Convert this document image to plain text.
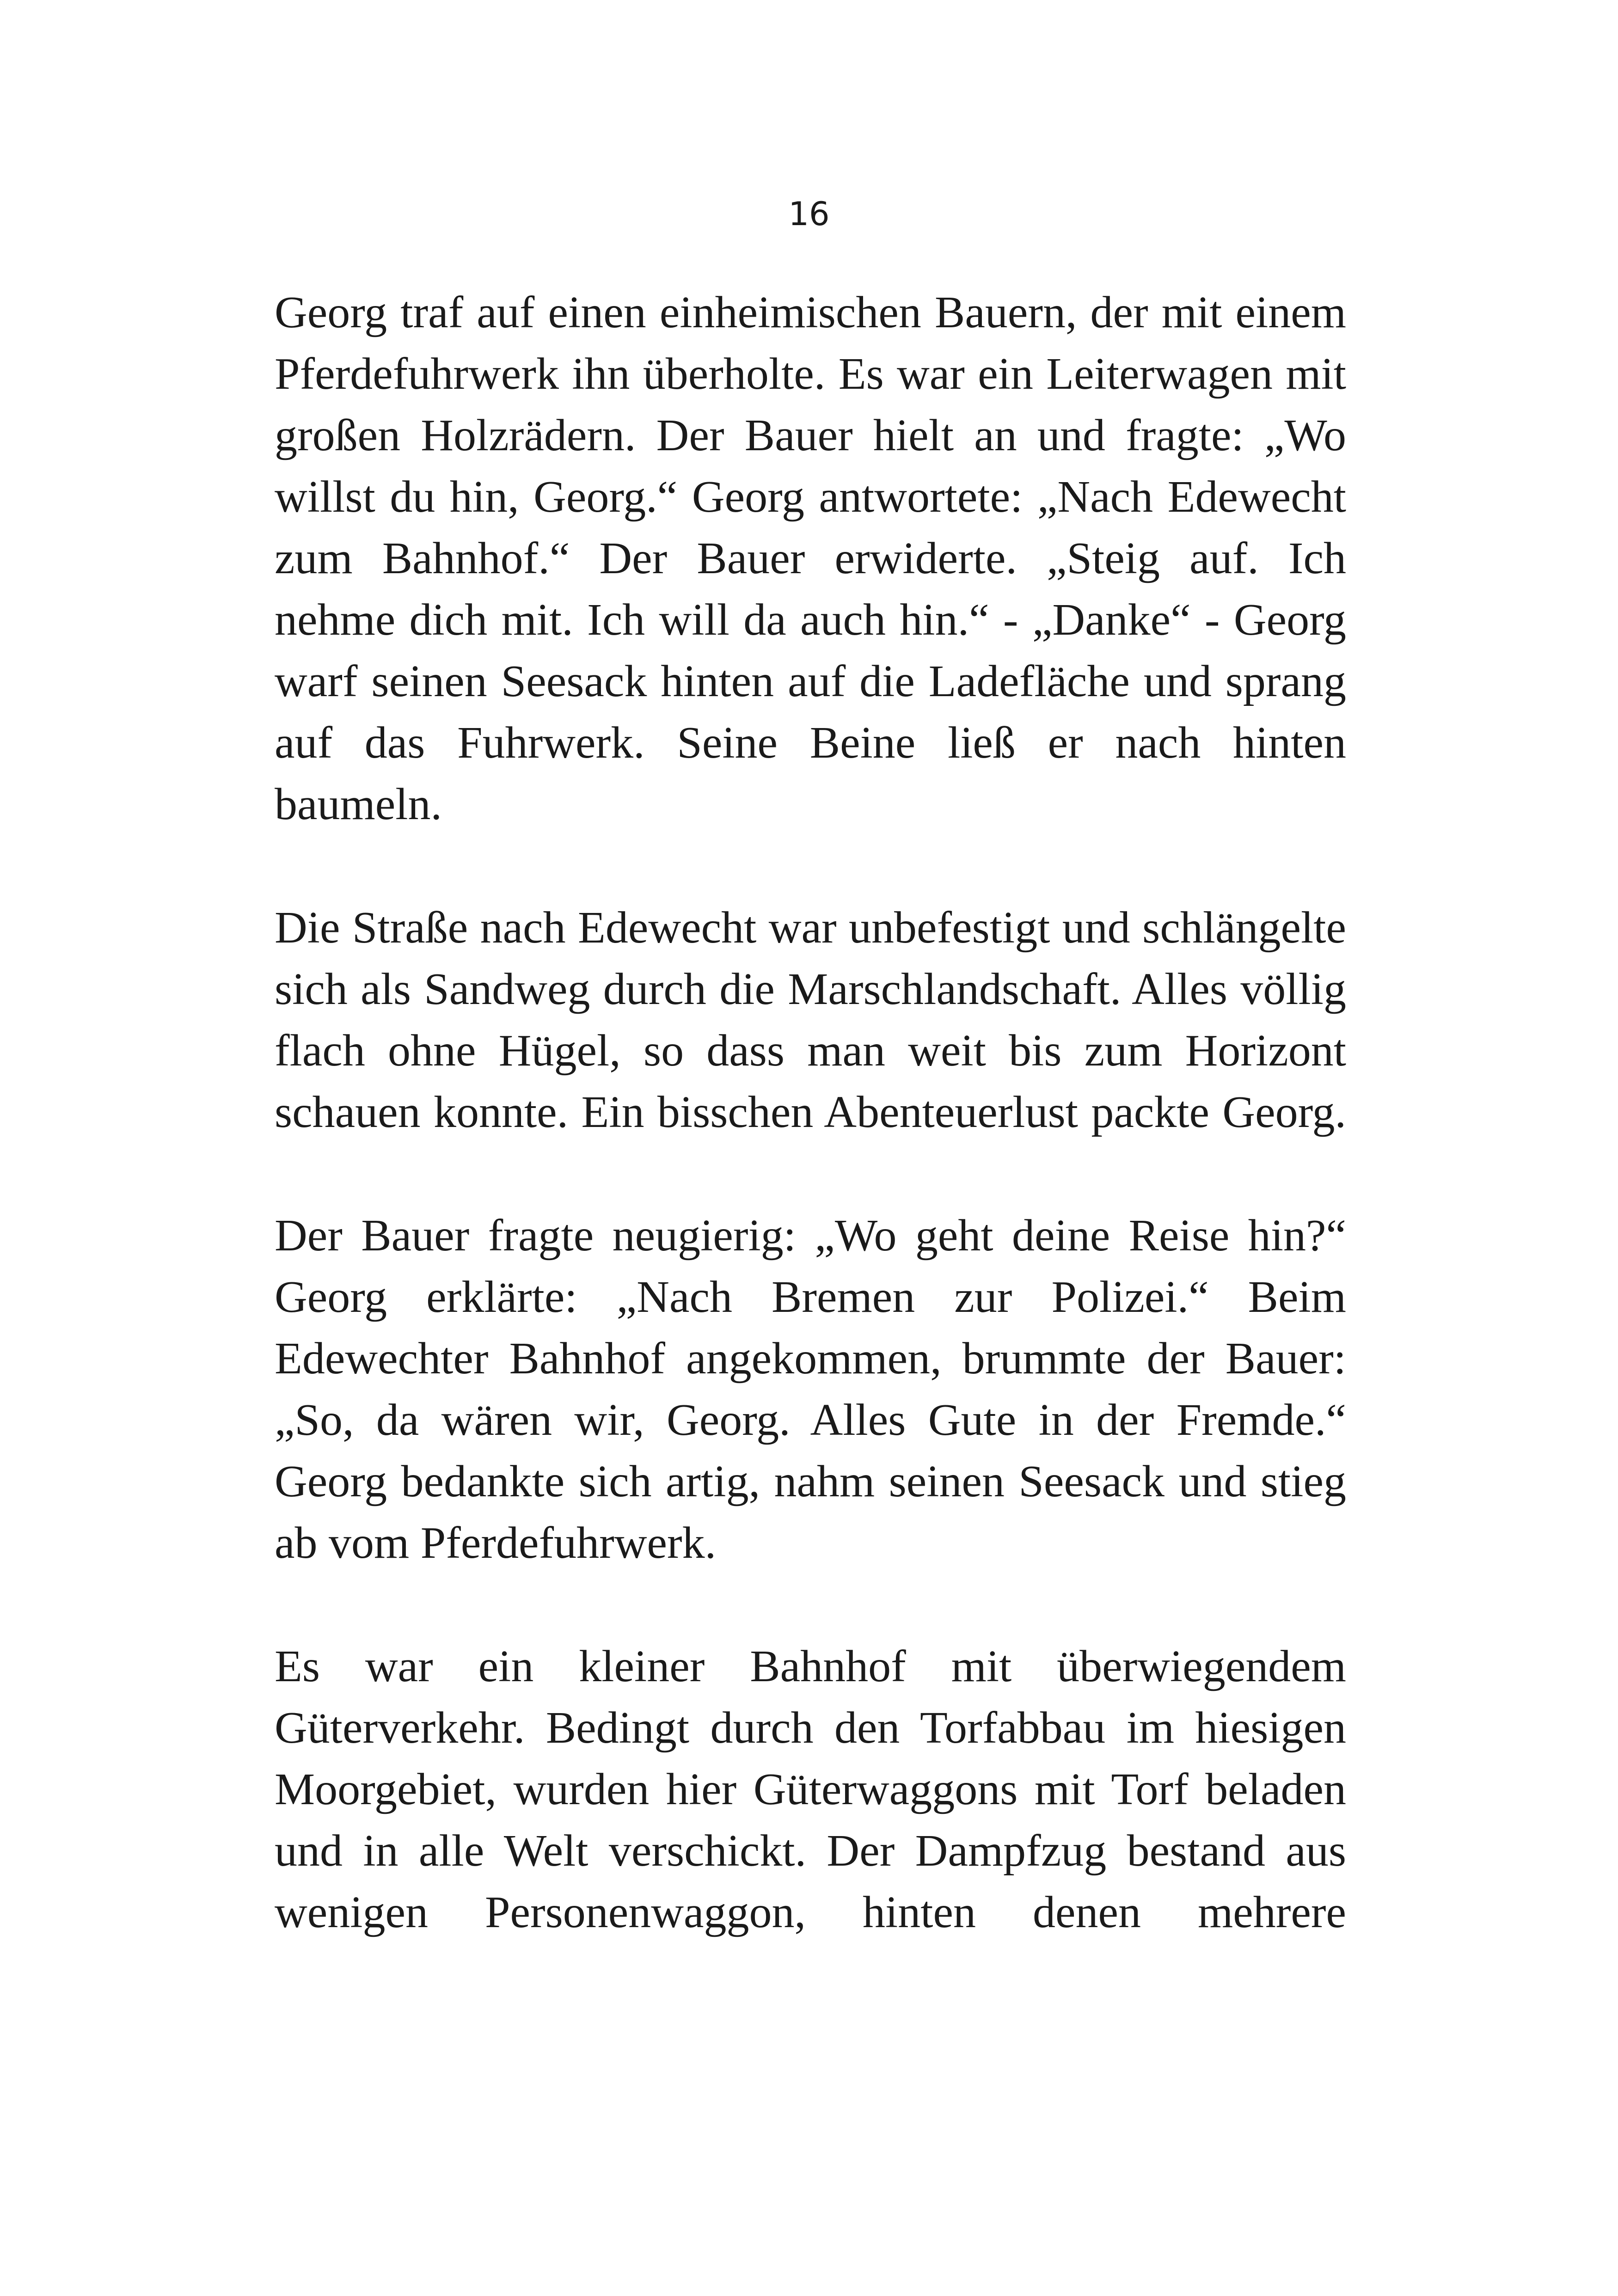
16

Georg traf auf einen einheimischen Bauern, der mit einem
Pferdefuhrwerk ihn überholte. Es war ein Leiterwagen mit
großen Holzrädern. Der Bauer hielt an und fragte: „Wo
willst du hin, Georg.“ Georg antwortete: „Nach Edewecht
zum Bahnhof.“ Der Bauer erwiderte. „Steig auf. Ich
nehme dich mit. Ich will da auch hin.“ - „Danke“ - Georg
warf seinen Seesack hinten auf die Ladefläche und sprang
auf das Fuhrwerk. Seine Beine ließ er nach hinten
baumeln.

Die Straße nach Edewecht war unbefestigt und schlängelte
sich als Sandweg durch die Marschlandschaft. Alles völlig
flach ohne Hügel, so dass man weit bis zum Horizont
schauen konnte. Ein bisschen Abenteuerlust packte Georg.

Der Bauer fragte neugierig: „Wo geht deine Reise hin?“
Georg erklärte: „Nach Bremen zur Polizei.“ Beim
Edewechter Bahnhof angekommen, brummte der Bauer:
„So, da wären wir, Georg. Alles Gute in der Fremde.“
Georg bedankte sich artig, nahm seinen Seesack und stieg
ab vom Pferdefuhrwerk.

Es war ein kleiner Bahnhof mit überwiegendem
Güterverkehr. Bedingt durch den Torfabbau im hiesigen
Moorgebiet, wurden hier Güterwaggons mit Torf beladen
und in alle Welt verschickt. Der Dampfzug bestand aus
wenigen Personenwaggon, hinten denen mehrere
